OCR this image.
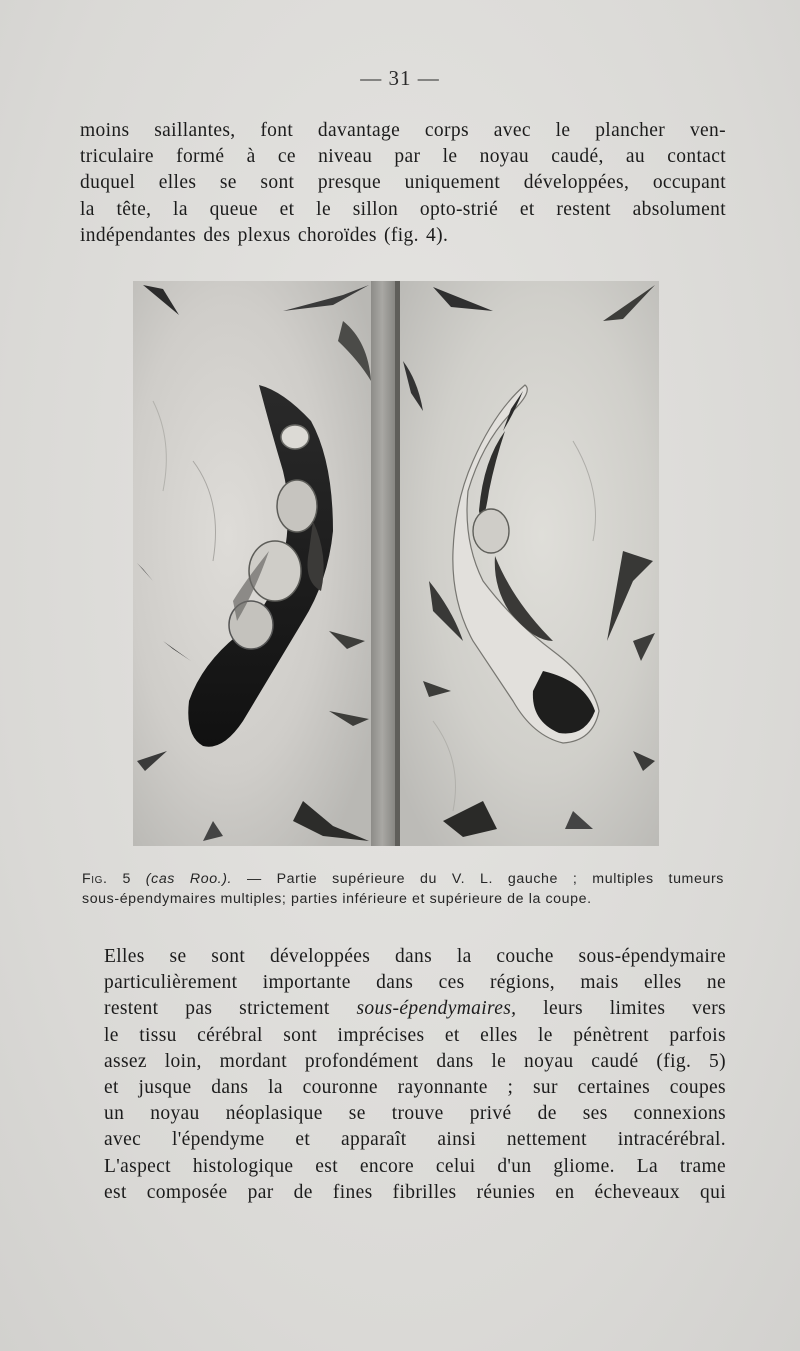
— 31 —
moins saillantes, font davantage corps avec le plancher ven-
triculaire formé à ce niveau par le noyau caudé, au contact
duquel elles se sont presque uniquement développées, occupant
la tête, la queue et le sillon opto-strié et restent absolument
indépendantes des plexus choroïdes (fig. 4).
Fig. 5 (cas Roo.). — Partie supérieure du V. L. gauche ; multiples tumeurs
sous-épendymaires multiples; parties inférieure et supérieure de la coupe.
Elles se sont développées dans la couche sous-épendymaire
particulièrement importante dans ces régions, mais elles ne
restent pas strictement sous-épendymaires, leurs limites vers
le tissu cérébral sont imprécises et elles le pénètrent parfois
assez loin, mordant profondément dans le noyau caudé (fig. 5)
et jusque dans la couronne rayonnante ; sur certaines coupes
un noyau néoplasique se trouve privé de ses connexions
avec l'épendyme et apparaît ainsi nettement intracérébral.
L'aspect histologique est encore celui d'un gliome. La trame
est composée par de fines fibrilles réunies en écheveaux qui
